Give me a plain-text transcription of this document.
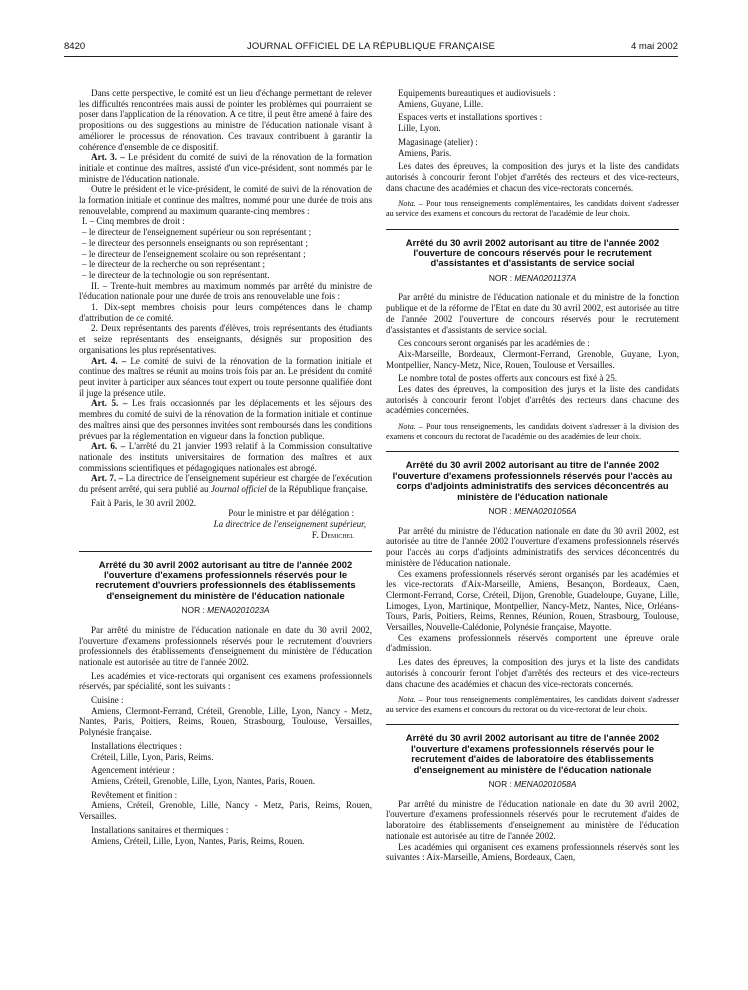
8420	JOURNAL OFFICIEL DE LA RÉPUBLIQUE FRANÇAISE	4 mai 2002

Dans cette perspective, le comité est un lieu d'échange permettant de relever les difficultés rencontrées mais aussi de pointer les problèmes qui pourraient se poser dans l'application de la rénovation. A ce titre, il peut être amené à faire des propositions ou des suggestions au ministre de l'éducation nationale visant à améliorer le processus de rénovation. Ces travaux contribuent à garantir la cohérence d'ensemble de ce dispositif.

Art. 3. – Le président du comité de suivi de la rénovation de la formation initiale et continue des maîtres, assisté d'un vice-président, sont nommés par le ministre de l'éducation nationale.

Outre le président et le vice-président, le comité de suivi de la rénovation de la formation initiale et continue des maîtres, nommé pour une durée de trois ans renouvelable, comprend au maximum quarante-cinq membres :

I. – Cinq membres de droit :

– le directeur de l'enseignement supérieur ou son représentant ;

– le directeur des personnels enseignants ou son représentant ;

– le directeur de l'enseignement scolaire ou son représentant ;

– le directeur de la recherche ou son représentant ;

– le directeur de la technologie ou son représentant.

II. – Trente-huit membres au maximum nommés par arrêté du ministre de l'éducation nationale pour une durée de trois ans renouvelable une fois :

1. Dix-sept membres choisis pour leurs compétences dans le champ d'attribution de ce comité.

2. Deux représentants des parents d'élèves, trois représentants des étudiants et seize représentants des enseignants, désignés sur proposition des organisations les plus représentatives.

Art. 4. – Le comité de suivi de la rénovation de la formation initiale et continue des maîtres se réunit au moins trois fois par an. Le président du comité peut inviter à participer aux séances tout expert ou toute personne qualifiée dont il juge la présence utile.

Art. 5. – Les frais occasionnés par les déplacements et les séjours des membres du comité de suivi de la rénovation de la formation initiale et continue des maîtres ainsi que des personnes invitées sont remboursés dans les conditions prévues par la réglementation en vigueur dans la fonction publique.

Art. 6. – L'arrêté du 21 janvier 1993 relatif à la Commission consultative nationale des instituts universitaires de formation des maîtres et aux commissions scientifiques et pédagogiques nationales est abrogé.

Art. 7. – La directrice de l'enseignement supérieur est chargée de l'exécution du présent arrêté, qui sera publié au Journal officiel de la République française.

Fait à Paris, le 30 avril 2002.

Pour le ministre et par délégation :

La directrice de l'enseignement supérieur,

F. Demichel

Arrêté du 30 avril 2002 autorisant au titre de l'année 2002 l'ouverture d'examens professionnels réservés pour le recrutement d'ouvriers professionnels des établissements d'enseignement du ministère de l'éducation nationale
NOR : MENA0201023A

Par arrêté du ministre de l'éducation nationale en date du 30 avril 2002, l'ouverture d'examens professionnels réservés pour le recrutement d'ouvriers professionnels des établissements d'enseignement du ministère de l'éducation nationale est autorisée au titre de l'année 2002.

Les académies et vice-rectorats qui organisent ces examens professionnels réservés, par spécialité, sont les suivants :

Cuisine :

Amiens, Clermont-Ferrand, Créteil, Grenoble, Lille, Lyon, Nancy - Metz, Nantes, Paris, Poitiers, Reims, Rouen, Strasbourg, Toulouse, Versailles, Polynésie française.

Installations électriques :

Créteil, Lille, Lyon, Paris, Reims.

Agencement intérieur :

Amiens, Créteil, Grenoble, Lille, Lyon, Nantes, Paris, Rouen.

Revêtement et finition :

Amiens, Créteil, Grenoble, Lille, Nancy - Metz, Paris, Reims, Rouen, Versailles.

Installations sanitaires et thermiques :

Amiens, Créteil, Lille, Lyon, Nantes, Paris, Reims, Rouen.

Equipements bureautiques et audiovisuels :

Amiens, Guyane, Lille.

Espaces verts et installations sportives :

Lille, Lyon.

Magasinage (atelier) :

Amiens, Paris.

Les dates des épreuves, la composition des jurys et la liste des candidats autorisés à concourir feront l'objet d'arrêtés des recteurs et des vice-recteurs, dans chacune des académies et chacun des vice-rectorats concernés.

Nota. – Pour tous renseignements complémentaires, les candidats doivent s'adresser au service des examens et concours du rectorat de l'académie de leur choix.

Arrêté du 30 avril 2002 autorisant au titre de l'année 2002 l'ouverture de concours réservés pour le recrutement d'assistantes et d'assistants de service social
NOR : MENA0201137A

Par arrêté du ministre de l'éducation nationale et du ministre de la fonction publique et de la réforme de l'Etat en date du 30 avril 2002, est autorisée au titre de l'année 2002 l'ouverture de concours réservés pour le recrutement d'assistantes et d'assistants de service social.

Ces concours seront organisés par les académies de :

Aix-Marseille, Bordeaux, Clermont-Ferrand, Grenoble, Guyane, Lyon, Montpellier, Nancy-Metz, Nice, Rouen, Toulouse et Versailles.

Le nombre total de postes offerts aux concours est fixé à 25.

Les dates des épreuves, la composition des jurys et la liste des candidats autorisés à concourir feront l'objet d'arrêtés des recteurs dans chacune des académies concernées.

Nota. – Pour tous renseignements, les candidats doivent s'adresser à la division des examens et concours du rectorat de l'académie ou des académies de leur choix.

Arrêté du 30 avril 2002 autorisant au titre de l'année 2002 l'ouverture d'examens professionnels réservés pour l'accès au corps d'adjoints administratifs des services déconcentrés au ministère de l'éducation nationale
NOR : MENA0201056A

Par arrêté du ministre de l'éducation nationale en date du 30 avril 2002, est autorisée au titre de l'année 2002 l'ouverture d'examens professionnels réservés pour l'accès au corps d'adjoints administratifs des services déconcentrés du ministère de l'éducation nationale.

Ces examens professionnels réservés seront organisés par les académies et les vice-rectorats d'Aix-Marseille, Amiens, Besançon, Bordeaux, Caen, Clermont-Ferrand, Corse, Créteil, Dijon, Grenoble, Guadeloupe, Guyane, Lille, Limoges, Lyon, Martinique, Montpellier, Nancy-Metz, Nantes, Nice, Orléans-Tours, Paris, Poitiers, Reims, Rennes, Réunion, Rouen, Strasbourg, Toulouse, Versailles, Nouvelle-Calédonie, Polynésie française, Mayotte.

Ces examens professionnels réservés comportent une épreuve orale d'admission.

Les dates des épreuves, la composition des jurys et la liste des candidats autorisés à concourir feront l'objet d'arrêtés des recteurs et des vice-recteurs dans chacune des académies et chacun des vice-rectorats concernés.

Nota. – Pour tous renseignements complémentaires, les candidats doivent s'adresser au service des examens et concours du rectorat ou du vice-rectorat de leur choix.

Arrêté du 30 avril 2002 autorisant au titre de l'année 2002 l'ouverture d'examens professionnels réservés pour le recrutement d'aides de laboratoire des établissements d'enseignement au ministère de l'éducation nationale
NOR : MENA0201058A

Par arrêté du ministre de l'éducation nationale en date du 30 avril 2002, l'ouverture d'examens professionnels réservés pour le recrutement d'aides de laboratoire des établissements d'enseignement au ministère de l'éducation nationale est autorisée au titre de l'année 2002.

Les académies qui organisent ces examens professionnels réservés sont les suivantes : Aix-Marseille, Amiens, Bordeaux, Caen,
